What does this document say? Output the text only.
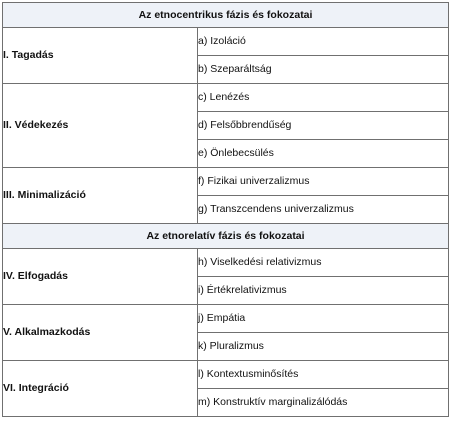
Az etnocentrikus fázis és fokozatai	
I. Tagadás	a) Izoláció
	b) Szeparáltság
II. Védekezés	c) Lenézés
	d) Felsőbbrendűség
	e) Önlebecsülés
III. Minimalizáció	f) Fizikai univerzalizmus
	g) Transzcendens univerzalizmus
Az etnorelatív fázis és fokozatai	
IV. Elfogadás	h) Viselkedési relativizmus
	i) Értékrelativizmus
V. Alkalmazkodás	j) Empátia
	k) Pluralizmus
VI. Integráció	l) Kontextusminősítés
	m) Konstruktív marginalizálódás
